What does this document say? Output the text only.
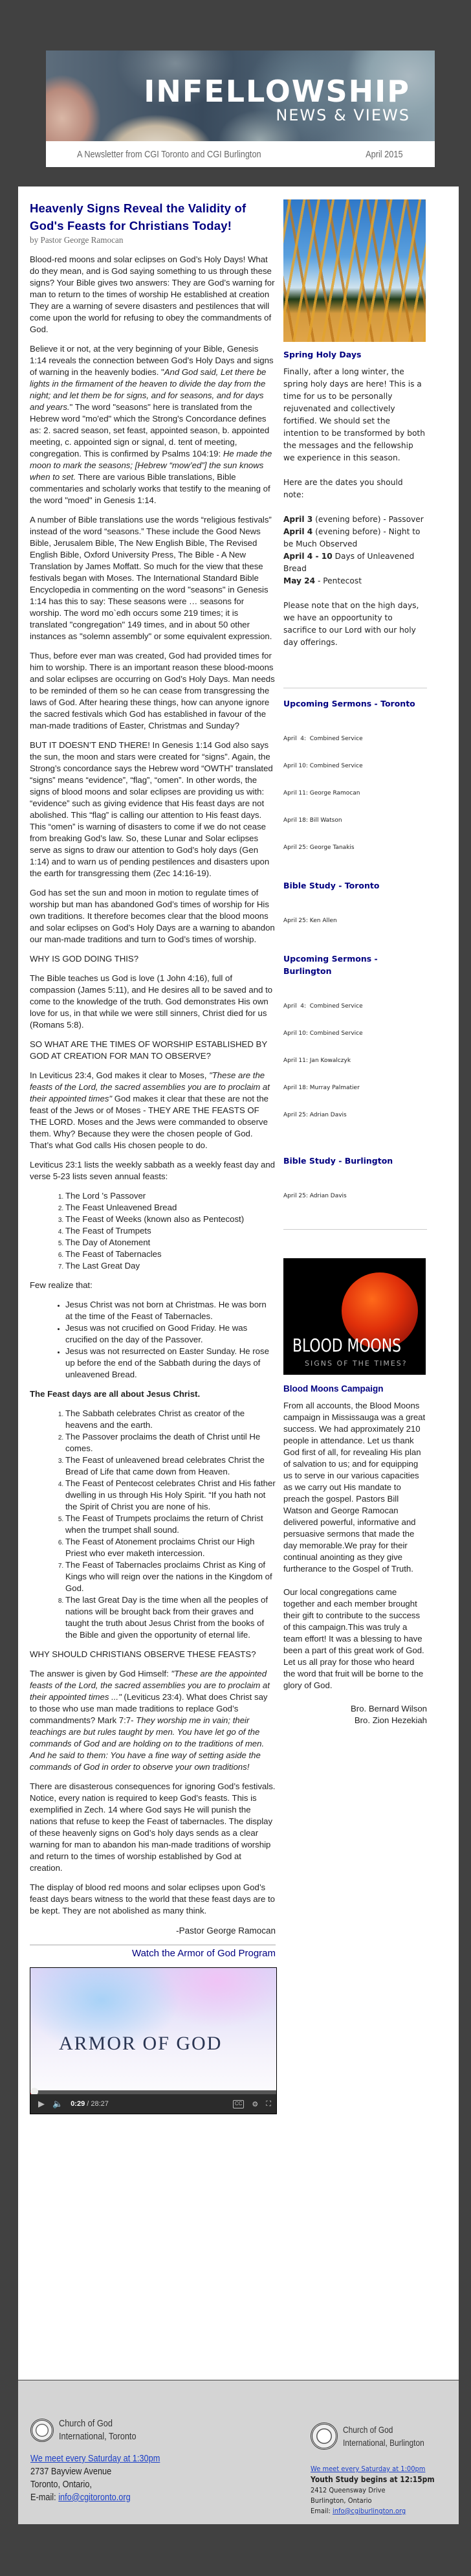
INFELLOWSHIP
NEWS & VIEWS
A Newsletter from CGI Toronto and CGI Burlington	April 2015
Heavenly Signs Reveal the Validity of God's Feasts for Christians Today!

by Pastor George Ramocan

Blood-red moons and solar eclipses on God’s Holy Days! What do they mean, and is God saying something to us through these signs? Your Bible gives two answers: They are God’s warning for man to return to the times of worship He established at creation They are a warning of severe disasters and pestilences that will come upon the world for refusing to obey the commandments of God.

Believe it or not, at the very beginning of your Bible, Genesis 1:14 reveals the connection between God’s Holy Days and signs of warning in the heavenly bodies. "And God said, Let there be lights in the firmament of the heaven to divide the day from the night; and let them be for signs, and for seasons, and for days and years." The word "seasons" here is translated from the Hebrew word "mo'ed" which the Strong's Concordance defines as: 2. sacred season, set feast, appointed season, b. appointed meeting, c. appointed sign or signal, d. tent of meeting, congregation. This is confirmed by Psalms 104:19: He made the moon to mark the seasons; [Hebrew “mow’ed”] the sun knows when to set. There are various Bible translations, Bible commentaries and scholarly works that testify to the meaning of the word "moed" in Genesis 1:14.

A number of Bible translations use the words “religious festivals” instead of the word “seasons.” These include the Good News Bible, Jerusalem Bible, The New English Bible, The Revised English Bible, Oxford University Press, The Bible - A New Translation by James Moffatt. So much for the view that these festivals began with Moses. The International Standard Bible Encyclopedia in commenting on the word "seasons" in Genesis 1:14 has this to say: These seasons were … seasons for worship. The word mo`edh occurs some 219 times; it is translated "congregation" 149 times, and in about 50 other instances as "solemn assembly" or some equivalent expression.

Thus, before ever man was created, God had provided times for him to worship. There is an important reason these blood-moons and solar eclipses are occurring on God’s Holy Days. Man needs to be reminded of them so he can cease from transgressing the laws of God. After hearing these things, how can anyone ignore the sacred festivals which God has established in favour of the man-made traditions of Easter, Christmas and Sunday?

BUT IT DOESN’T END THERE! In Genesis 1:14 God also says the sun, the moon and stars were created for “signs”. Again, the Strong’s concordance says the Hebrew word “OWTH” translated “signs” means “evidence”, “flag”, “omen”. In other words, the signs of blood moons and solar eclipses are providing us with: “evidence” such as giving evidence that His feast days are not abolished. This “flag” is calling our attention to His feast days. This “omen” is warning of disasters to come if we do not cease from breaking God’s law. So, these Lunar and Solar eclipses serve as signs to draw our attention to God’s holy days (Gen 1:14) and to warn us of pending pestilences and disasters upon the earth for transgressing them (Zec 14:16-19).

God has set the sun and moon in motion to regulate times of worship but man has abandoned God’s times of worship for His own traditions. It therefore becomes clear that the blood moons and solar eclipses on God’s Holy Days are a warning to abandon our man-made traditions and turn to God’s times of worship.

WHY IS GOD DOING THIS?

The Bible teaches us God is love (1 John 4:16), full of compassion (James 5:11), and He desires all to be saved and to come to the knowledge of the truth. God demonstrates His own love for us, in that while we were still sinners, Christ died for us (Romans 5:8).

SO WHAT ARE THE TIMES OF WORSHIP ESTABLISHED BY GOD AT CREATION FOR MAN TO OBSERVE?

In Leviticus 23:4, God makes it clear to Moses, "These are the feasts of the Lord, the sacred assemblies you are to proclaim at their appointed times" God makes it clear that these are not the feast of the Jews or of Moses - THEY ARE THE FEASTS OF THE LORD. Moses and the Jews were commanded to observe them. Why? Because they were the chosen people of God. That’s what God calls His chosen people to do.

Leviticus 23:1 lists the weekly sabbath as a weekly feast day and verse 5-23 lists seven annual feasts:

1. The Lord 's Passover
2. The Feast Unleavened Bread
3. The Feast of Weeks (known also as Pentecost)
4. The Feast of Trumpets
5. The Day of Atonement
6. The Feast of Tabernacles
7. The Last Great Day

Few realize that:

• Jesus Christ was not born at Christmas. He was born at the time of the Feast of Tabernacles.
• Jesus was not crucified on Good Friday. He was crucified on the day of the Passover.
• Jesus was not resurrected on Easter Sunday. He rose up before the end of the Sabbath during the days of unleavened Bread.

The Feast days are all about Jesus Christ.

1. The Sabbath celebrates Christ as creator of the heavens and the earth.
2. The Passover proclaims the death of Christ until He comes.
3. The Feast of unleavened bread celebrates Christ the Bread of Life that came down from Heaven.
4. The Feast of Pentecost celebrates Christ and His father dwelling in us through His Holy Spirit. “If you hath not the Spirit of Christ you are none of his.
5. The Feast of Trumpets proclaims the return of Christ when the trumpet shall sound.
6. The Feast of Atonement proclaims Christ our High Priest who ever maketh intercession.
7. The Feast of Tabernacles proclaims Christ as King of Kings who will reign over the nations in the Kingdom of God.
8. The last Great Day is the time when all the peoples of nations will be brought back from their graves and taught the truth about Jesus Christ from the books of the Bible and given the opportunity of eternal life.

WHY SHOULD CHRISTIANS OBSERVE THESE FEASTS?

The answer is given by God Himself: "These are the appointed feasts of the Lord, the sacred assemblies you are to proclaim at their appointed times ..." (Leviticus 23:4). What does Christ say to those who use man made traditions to replace God’s commandments? Mark 7:7- They worship me in vain; their teachings are but rules taught by men. You have let go of the commands of God and are holding on to the traditions of men. And he said to them: You have a fine way of setting aside the commands of God in order to observe your own traditions!

There are disasterous consequences for ignoring God’s festivals. Notice, every nation is required to keep God’s feasts. This is exemplified in Zech. 14 where God says He will punish the nations that refuse to keep the Feast of tabernacles. The display of these heavenly signs on God’s holy days sends as a clear warning for man to abandon his man-made traditions of worship and return to the times of worship established by God at creation.

The display of blood red moons and solar eclipses upon God’s feast days bears witness to the world that these feast days are to be kept. They are not abolished as many think.

-Pastor George Ramocan
Watch the Armor of God Program
ARMOR OF GOD
▶ 🔈 0:29 / 28:27	CC ⚙ ⛶
Spring Holy Days

Finally, after a long winter, the spring holy days are here! This is a time for us to be personally rejuvenated and collectively fortified. We should set the intention to be transformed by both the messages and the fellowship we experience in this season.

Here are the dates you should note:

April 3 (evening before) - Passover
April 4 (evening before) - Night to be Much Observed
April 4 - 10 Days of Unleavened Bread
May 24 - Pentecost

Please note that on the high days, we have an oppoortunity to sacrifice to our Lord with our holy day offerings.

Upcoming Sermons - Toronto

April  4:  Combined Service

April 10: Combined Service

April 11: George Ramocan

April 18: Bill Watson

April 25: George Tanakis

Bible Study - Toronto

April 25: Ken Allen

Upcoming Sermons - Burlington

April  4:  Combined Service

April 10: Combined Service

April 11: Jan Kowalczyk

April 18: Murray Palmatier

April 25: Adrian Davis

Bible Study - Burlington

April 25: Adrian Davis

BLOOD MOONS
SIGNS OF THE TIMES?
Blood Moons Campaign

From all accounts, the Blood Moons campaign in Mississauga was a great success. We had approximately 210 people in attendance. Let us thank God first of all, for revealing His plan of salvation to us; and for equipping us to serve in our various capacities as we carry out His mandate to preach the gospel. Pastors Bill Watson and George Ramocan delivered powerful, informative and persuasive sermons that made the day memorable.We pray for their continual anointing as they give furtherance to the Gospel of Truth.

Our local congregations came together and each member brought their gift to contribute to the success of this campaign.This was truly a team effort! It was a blessing to have been a part of this great work of God. Let us all pray for those who heard the word that fruit will be borne to the glory of God.

Bro. Bernard Wilson
Bro. Zion Hezekiah
Church of God
International, Toronto
We meet every Saturday at 1:30pm
2737 Bayview Avenue
Toronto, Ontario,
E-mail: info@cgitoronto.org
Church of God
International, Burlington
We meet every Saturday at 1:00pm
Youth Study begins at 12:15pm
2412 Queensway Drive
Burlington, Ontario
Email: info@cgiburlington.org
